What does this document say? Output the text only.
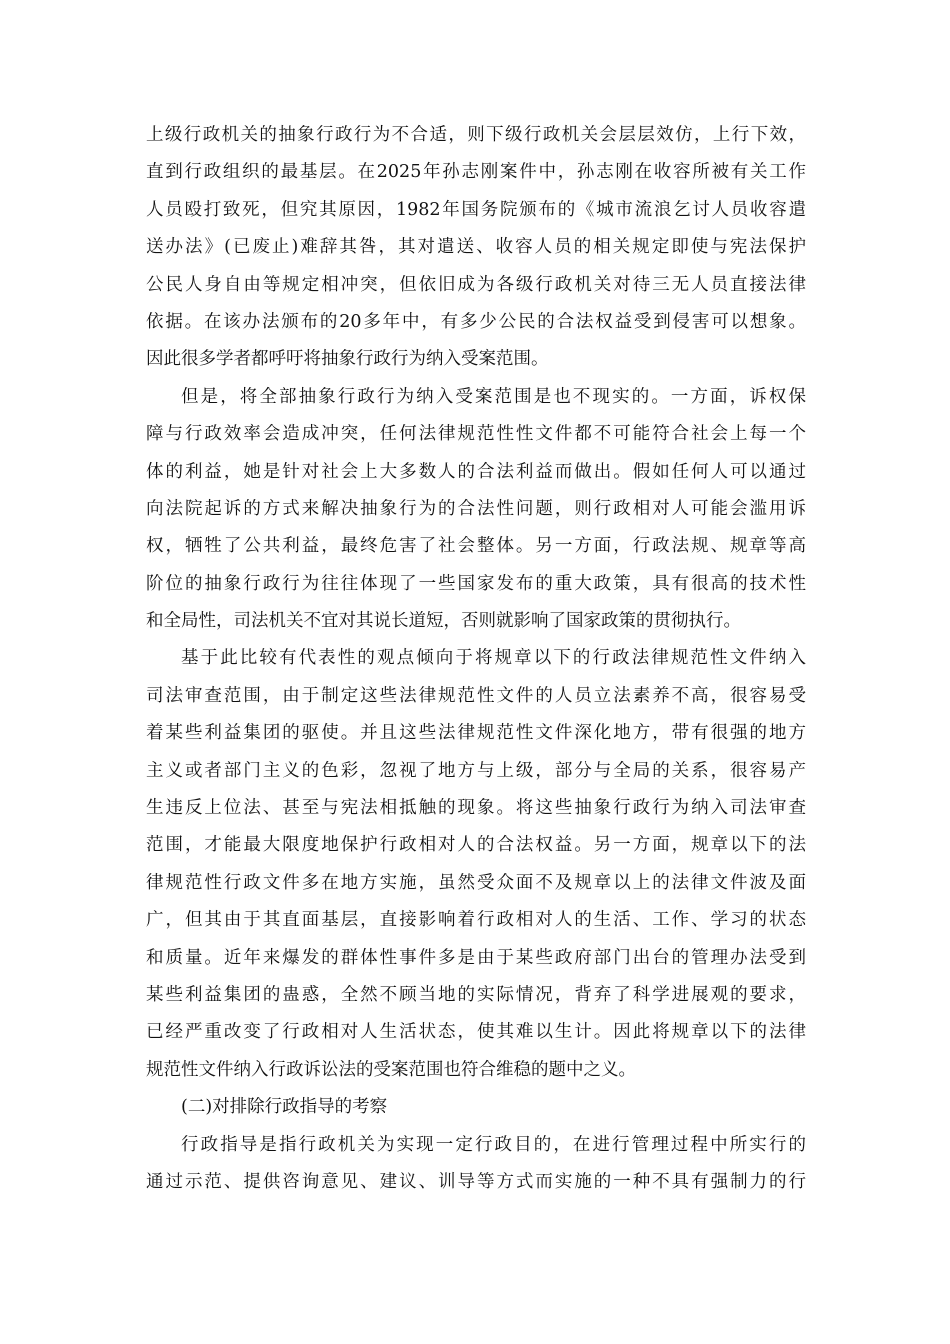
上级行政机关的抽象行政行为不合适，则下级行政机关会层层效仿，上行下效，
直到行政组织的最基层。在2025年孙志刚案件中，孙志刚在收容所被有关工作
人员殴打致死，但究其原因，1982年国务院颁布的《城市流浪乞讨人员收容遣
送办法》(已废止)难辞其咎，其对遣送、收容人员的相关规定即使与宪法保护
公民人身自由等规定相冲突，但依旧成为各级行政机关对待三无人员直接法律
依据。在该办法颁布的20多年中，有多少公民的合法权益受到侵害可以想象。
因此很多学者都呼吁将抽象行政行为纳入受案范围。
但是，将全部抽象行政行为纳入受案范围是也不现实的。一方面，诉权保
障与行政效率会造成冲突，任何法律规范性性文件都不可能符合社会上每一个
体的利益，她是针对社会上大多数人的合法利益而做出。假如任何人可以通过
向法院起诉的方式来解决抽象行为的合法性问题，则行政相对人可能会滥用诉
权，牺牲了公共利益，最终危害了社会整体。另一方面，行政法规、规章等高
阶位的抽象行政行为往往体现了一些国家发布的重大政策，具有很高的技术性
和全局性，司法机关不宜对其说长道短，否则就影响了国家政策的贯彻执行。
基于此比较有代表性的观点倾向于将规章以下的行政法律规范性文件纳入
司法审查范围，由于制定这些法律规范性文件的人员立法素养不高，很容易受
着某些利益集团的驱使。并且这些法律规范性文件深化地方，带有很强的地方
主义或者部门主义的色彩，忽视了地方与上级，部分与全局的关系，很容易产
生违反上位法、甚至与宪法相抵触的现象。将这些抽象行政行为纳入司法审查
范围，才能最大限度地保护行政相对人的合法权益。另一方面，规章以下的法
律规范性行政文件多在地方实施，虽然受众面不及规章以上的法律文件波及面
广，但其由于其直面基层，直接影响着行政相对人的生活、工作、学习的状态
和质量。近年来爆发的群体性事件多是由于某些政府部门出台的管理办法受到
某些利益集团的蛊惑，全然不顾当地的实际情况，背弃了科学进展观的要求，
已经严重改变了行政相对人生活状态，使其难以生计。因此将规章以下的法律
规范性文件纳入行政诉讼法的受案范围也符合维稳的题中之义。
(二)对排除行政指导的考察
行政指导是指行政机关为实现一定行政目的，在进行管理过程中所实行的
通过示范、提供咨询意见、建议、训导等方式而实施的一种不具有强制力的行
